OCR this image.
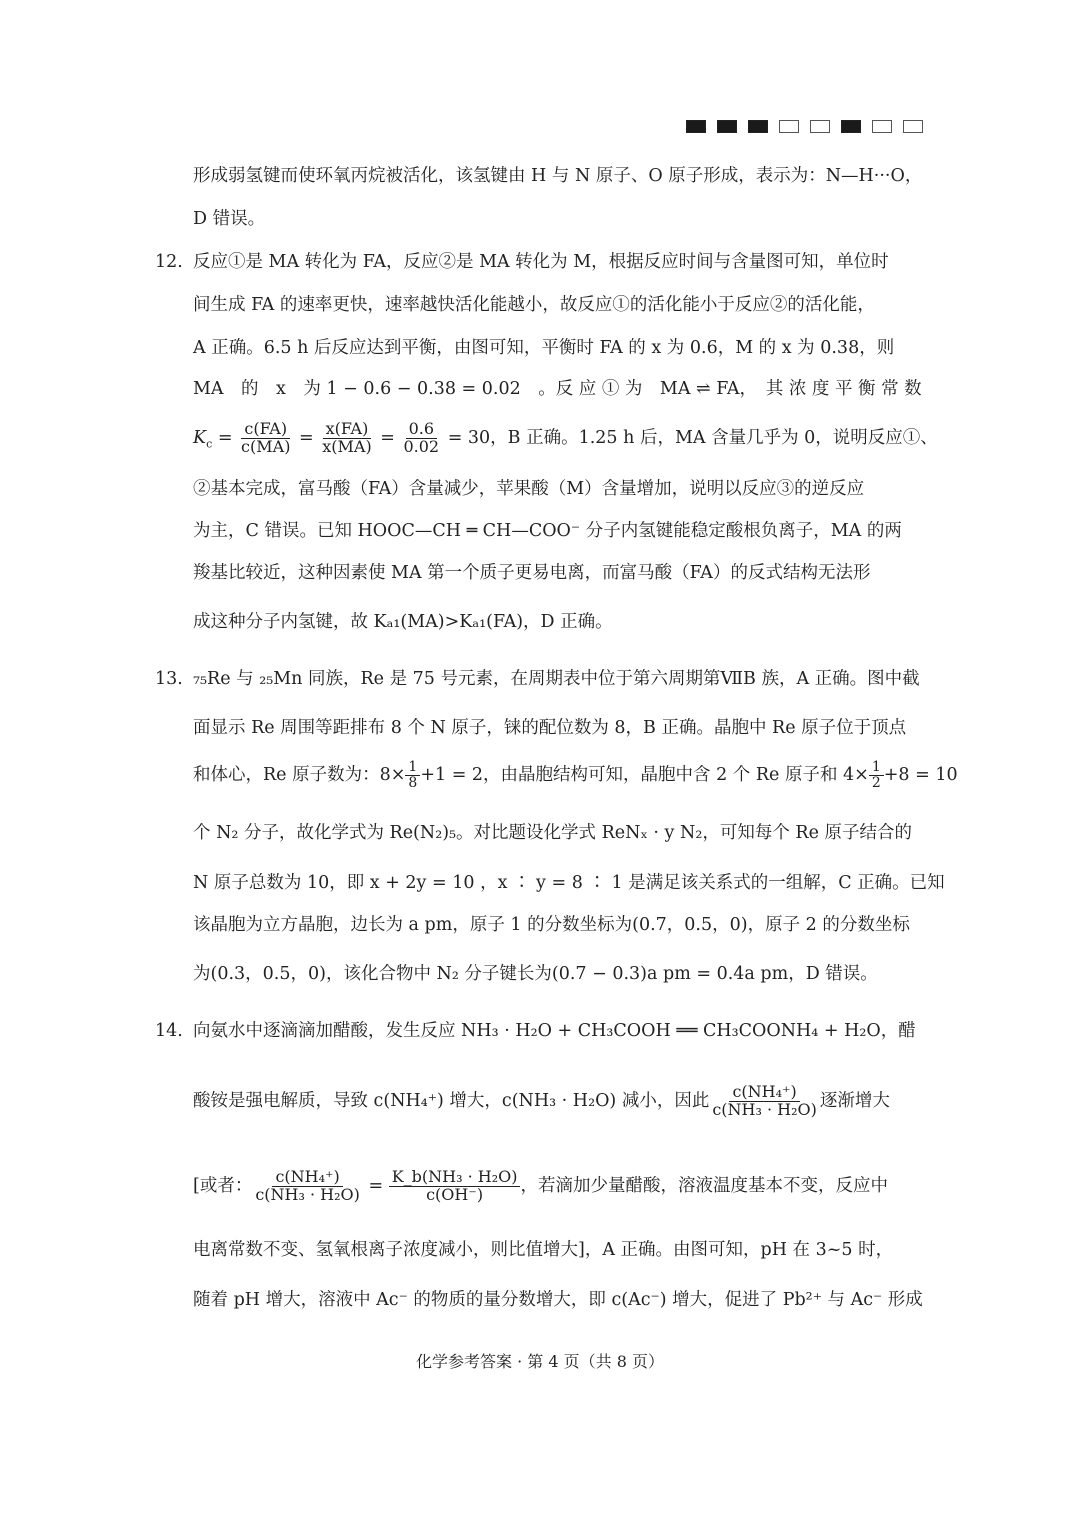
形成弱氢键而使环氧丙烷被活化，该氢键由 H 与 N 原子、O 原子形成，表示为：N—H···O，
D 错误。
12. 反应①是 MA 转化为 FA，反应②是 MA 转化为 M，根据反应时间与含量图可知，单位时
间生成 FA 的速率更快，速率越快活化能越小，故反应①的活化能小于反应②的活化能，
A 正确。6.5 h 后反应达到平衡，由图可知，平衡时 FA 的 x 为 0.6，M 的 x 为 0.38，则
MA　的　x　为 1 − 0.6 − 0.38 = 0.02　。反 应 ① 为　MA ⇌ FA，　其 浓 度 平 衡 常 数
$K_c = \frac{c(FA)}{c(MA)} = \frac{x(FA)}{x(MA)} = \frac{0.6}{0.02} = 30$，B 正确。1.25 h 后，MA 含量几乎为 0，说明反应①、
②基本完成，富马酸（FA）含量减少，苹果酸（M）含量增加，说明以反应③的逆反应
为主，C 错误。已知 HOOC—CH ═ CH—COO⁻ 分子内氢键能稳定酸根负离子，MA 的两
羧基比较近，这种因素使 MA 第一个质子更易电离，而富马酸（FA）的反式结构无法形
成这种分子内氢键，故 Kₐ₁(MA)>Kₐ₁(FA)，D 正确。
13. ₇₅Re 与 ₂₅Mn 同族，Re 是 75 号元素，在周期表中位于第六周期第ⅦB 族，A 正确。图中截
面显示 Re 周围等距排布 8 个 N 原子，铼的配位数为 8，B 正确。晶胞中 Re 原子位于顶点
和体心，Re 原子数为：$8\times \frac{1}{8} +1 = 2$，由晶胞结构可知，晶胞中含 2 个 Re 原子和 $4\times \frac{1}{2} +8 = 10$
个 N₂ 分子，故化学式为 Re(N₂)₅。对比题设化学式 ReNₓ · y N₂，可知每个 Re 原子结合的
N 原子总数为 10，即 x + 2y = 10 ，x ∶ y = 8 ∶ 1 是满足该关系式的一组解，C 正确。已知
该晶胞为立方晶胞，边长为 a pm，原子 1 的分数坐标为(0.7，0.5，0)，原子 2 的分数坐标
为(0.3，0.5，0)，该化合物中 N₂ 分子键长为(0.7 − 0.3)a pm = 0.4a pm，D 错误。
14. 向氨水中逐滴滴加醋酸，发生反应 NH₃ · H₂O + CH₃COOH ══ CH₃COONH₄ + H₂O，醋
酸铵是强电解质，导致 c(NH₄⁺) 增大，c(NH₃ · H₂O) 减小，因此 $\frac{\text{c(NH₄⁺)}}{\text{c(NH₃ · H₂O)}}$ 逐渐增大
[或者： $\frac{\text{c(NH₄⁺)}}{\text{c(NH₃ · H₂O)}} = \frac{\text{K\_b(NH₃ · H₂O)}}{c(OH^-)}$ ，若滴加少量醋酸，溶液温度基本不变，反应中
电离常数不变、氢氧根离子浓度减小，则比值增大]，A 正确。由图可知，pH 在 3~5 时，
随着 pH 增大，溶液中 Ac⁻ 的物质的量分数增大，即 c(Ac⁻) 增大，促进了 Pb²⁺ 与 Ac⁻ 形成
化学参考答案 · 第 4 页（共 8 页）
